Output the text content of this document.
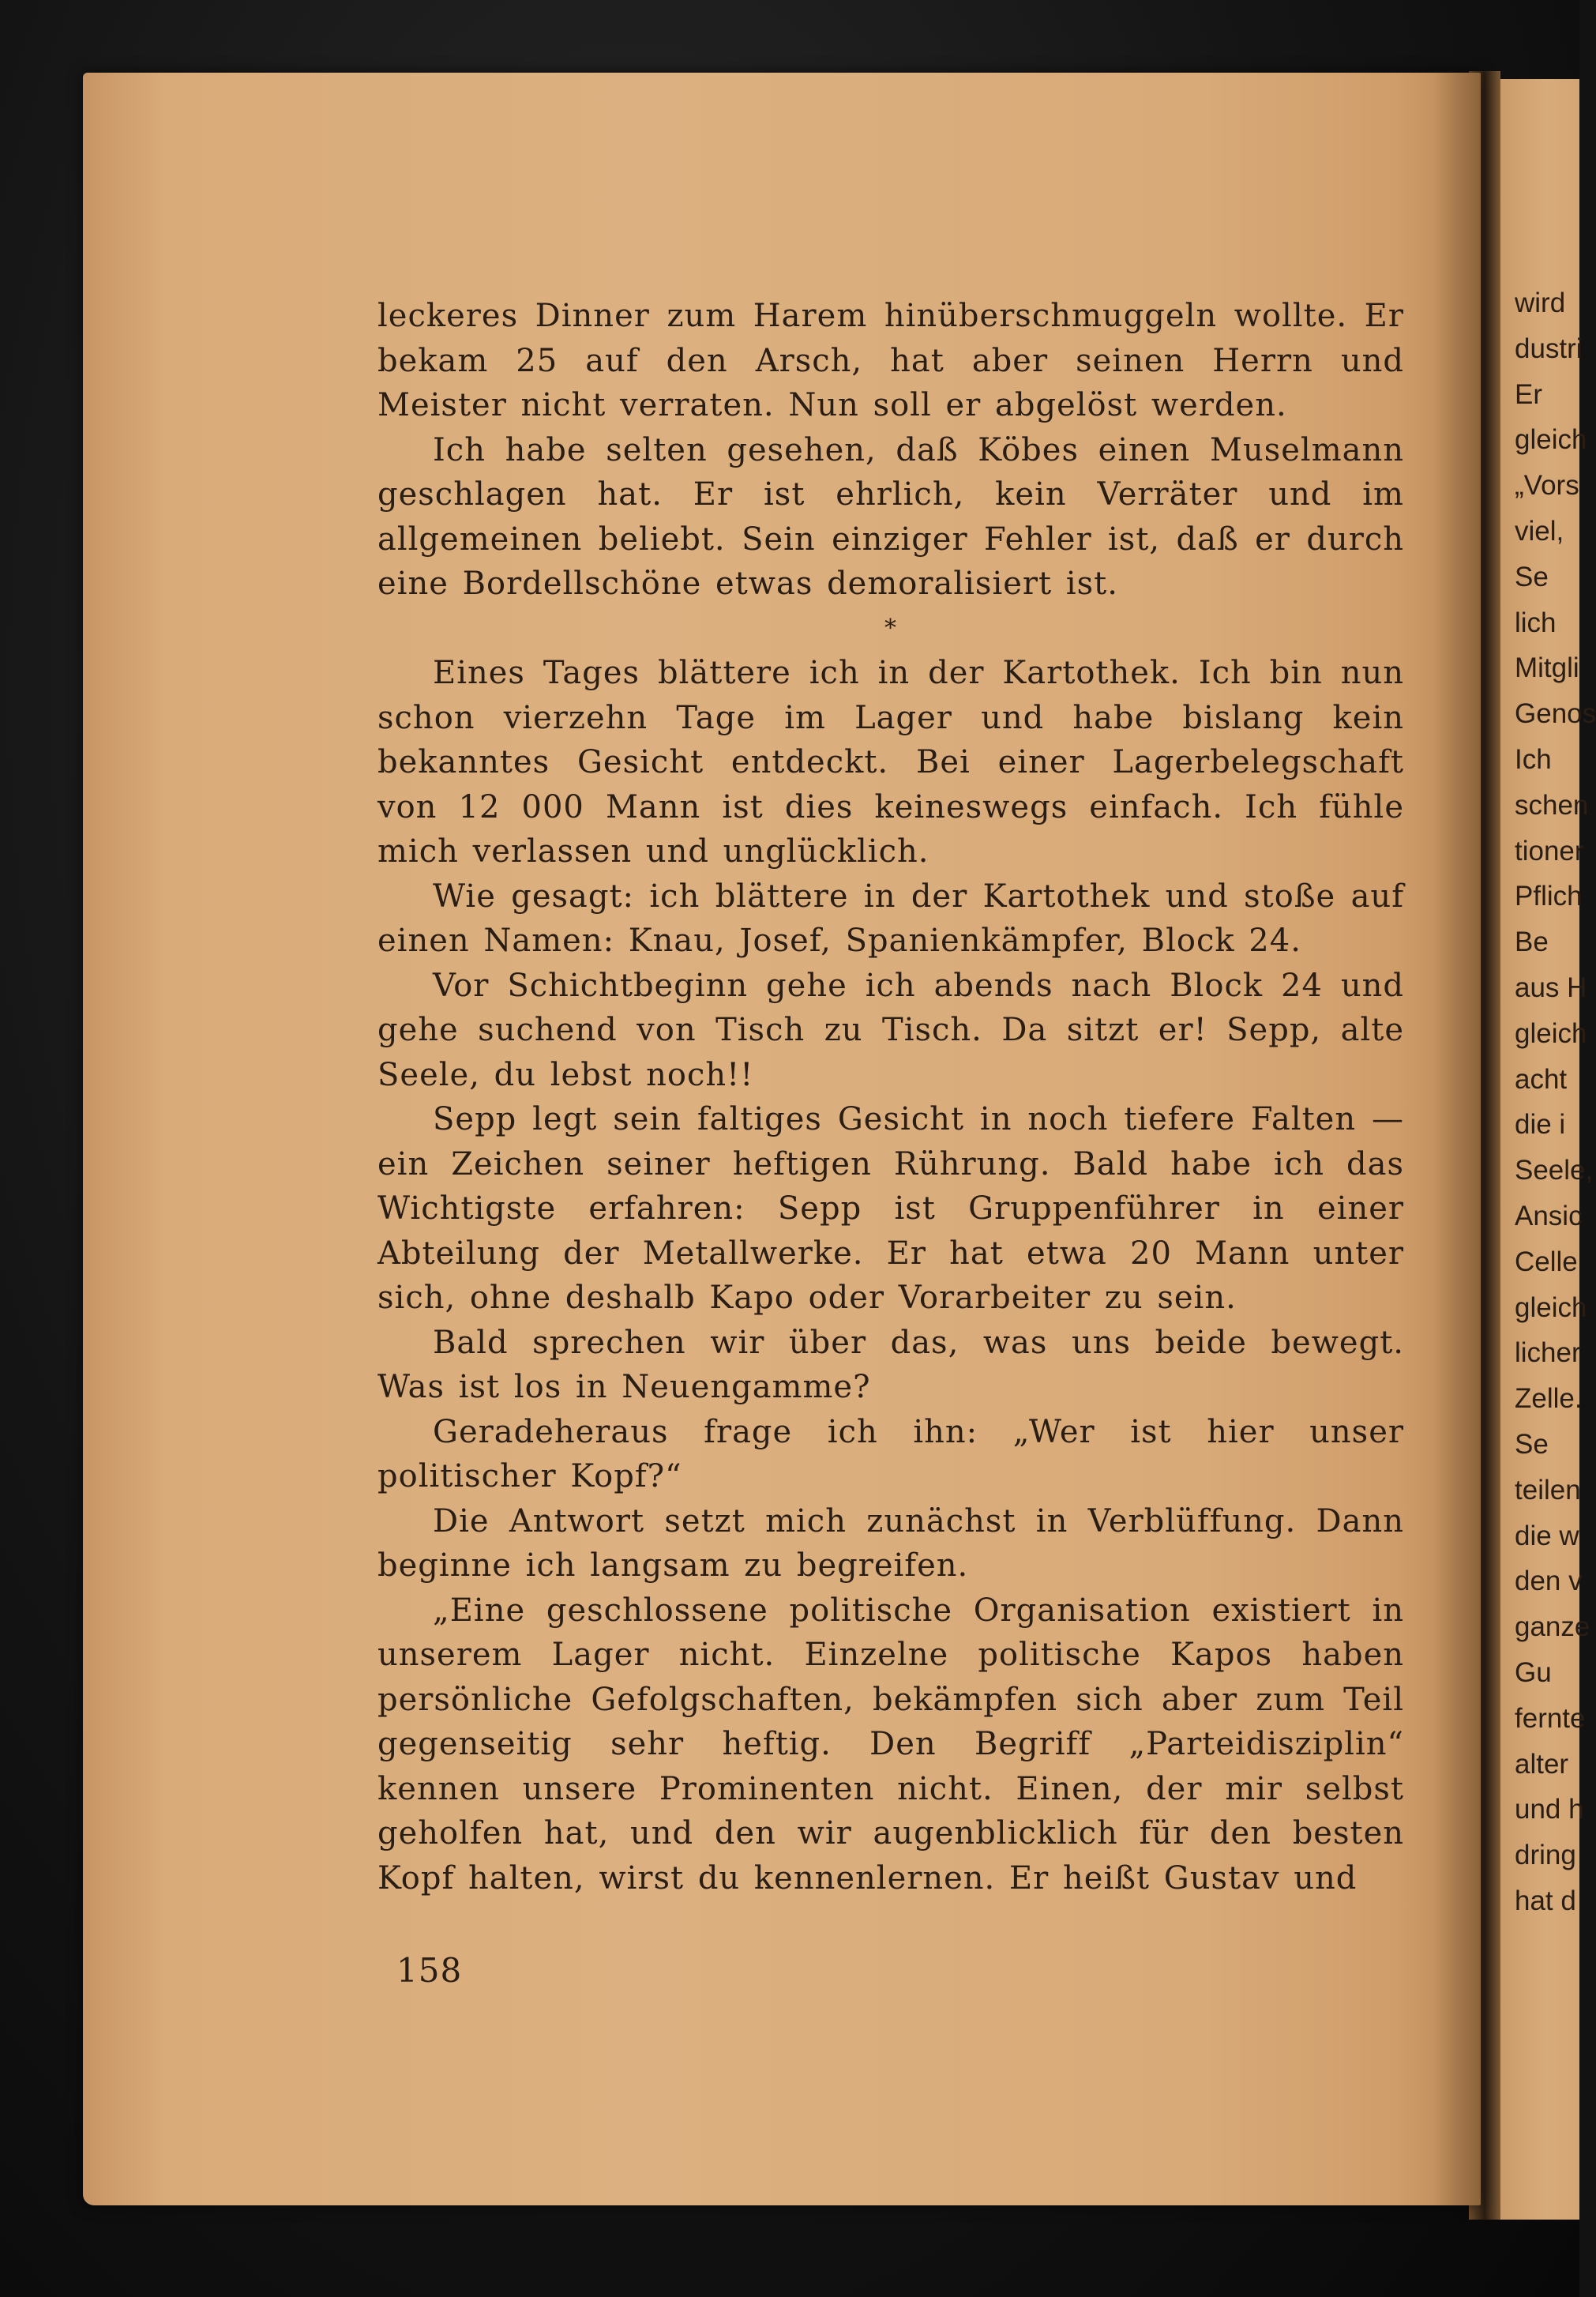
leckeres Dinner zum Harem hinüberschmuggeln wollte. Er bekam 25 auf den Arsch, hat aber seinen Herrn und Meister nicht verraten. Nun soll er abgelöst werden.

Ich habe selten gesehen, daß Köbes einen Muselmann geschlagen hat. Er ist ehrlich, kein Verräter und im allgemeinen beliebt. Sein einziger Fehler ist, daß er durch eine Bordellschöne etwas demoralisiert ist.

*

Eines Tages blättere ich in der Kartothek. Ich bin nun schon vierzehn Tage im Lager und habe bislang kein bekanntes Gesicht entdeckt. Bei einer Lagerbelegschaft von 12 000 Mann ist dies keineswegs einfach. Ich fühle mich verlassen und unglücklich.

Wie gesagt: ich blättere in der Kartothek und stoße auf einen Namen: Knau, Josef, Spanienkämpfer, Block 24.

Vor Schichtbeginn gehe ich abends nach Block 24 und gehe suchend von Tisch zu Tisch. Da sitzt er! Sepp, alte Seele, du lebst noch!!

Sepp legt sein faltiges Gesicht in noch tiefere Falten — ein Zeichen seiner heftigen Rührung. Bald habe ich das Wichtigste erfahren: Sepp ist Gruppenführer in einer Abteilung der Metallwerke. Er hat etwa 20 Mann unter sich, ohne deshalb Kapo oder Vorarbeiter zu sein.

Bald sprechen wir über das, was uns beide bewegt. Was ist los in Neuengamme?

Geradeheraus frage ich ihn: „Wer ist hier unser politischer Kopf?“

Die Antwort setzt mich zunächst in Verblüffung. Dann beginne ich langsam zu begreifen.

„Eine geschlossene politische Organisation existiert in unserem Lager nicht. Einzelne politische Kapos haben persönliche Gefolgschaften, bekämpfen sich aber zum Teil gegenseitig sehr heftig. Den Begriff „Parteidisziplin“ kennen unsere Prominenten nicht. Einen, der mir selbst geholfen hat, und den wir augenblicklich für den besten Kopf halten, wirst du kennenlernen. Er heißt Gustav und

158
wird
dustri
Er
gleich
„Vors
viel,
Se
lich
Mitgli
Genos
Ich
schen
tioner
Pflich
Be
aus H
gleich
acht
die i
Seele,
Ansic
Celle
gleich
licher
Zelle.
Se
teilen
die w
den v
ganze
Gu
fernte
alter
und h
dring
hat d
